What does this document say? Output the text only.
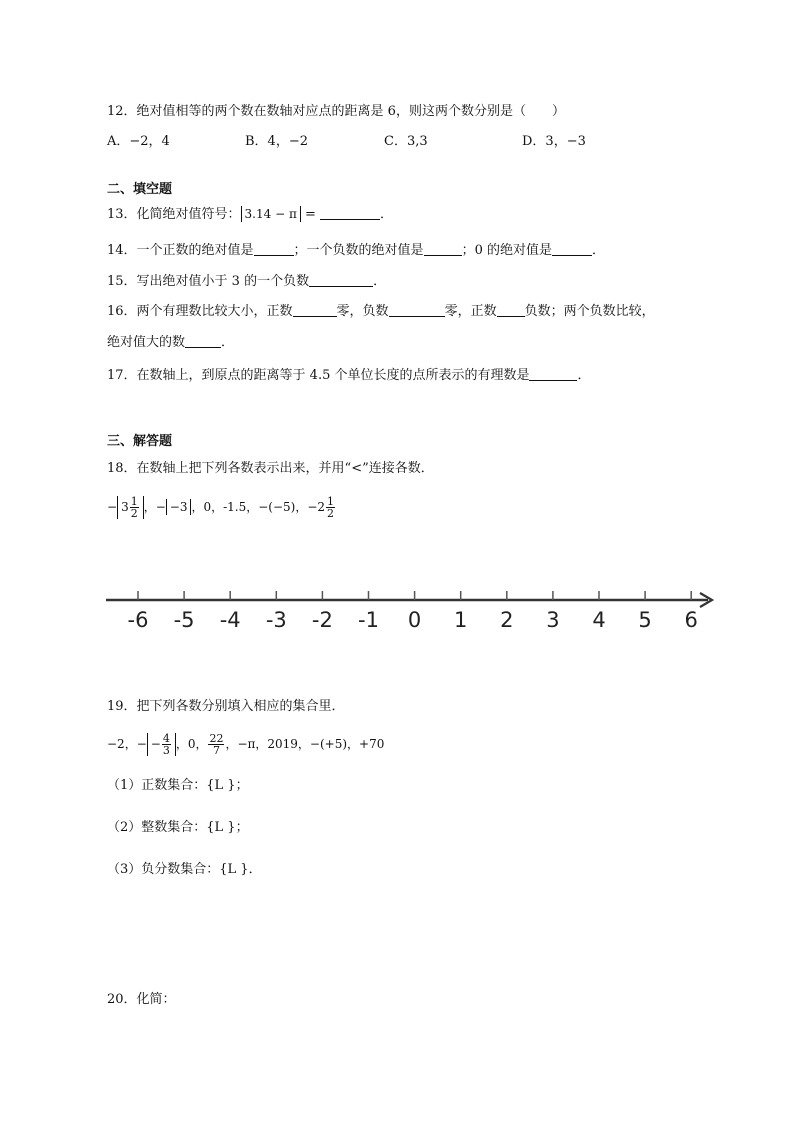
12．绝对值相等的两个数在数轴对应点的距离是 6，则这两个数分别是（　　）
A．−2，4	B．4，−2	C．3,3	D．3，−3
二、填空题
13．化简绝对值符号： 3.14 − π =	．
14．一个正数的绝对值是	；一个负数的绝对值是	；0 的绝对值是	．
15．写出绝对值小于 3 的一个负数	．
16．两个有理数比较大小，正数	零，负数	零，正数 负数；两个负数比较，
绝对值大的数	．
17．在数轴上，到原点的距离等于 4.5 个单位长度的点所表示的有理数是	．
三、解答题
18．在数轴上把下列各数表示出来，并用“<”连接各数．
− $3 \frac{1}{2}$ ，− −3 ，0，-1.5，−(−5)，$-2 \frac{1}{2}$
-6 -5 -4 -3 -2 -1 0 1 2 3 4 5 6
19．把下列各数分别填入相应的集合里．
−2，− − $\frac{4}{3}$ ，0， $\frac{22}{7}$ ，−π，2019，−(+5)，+70
（1）正数集合：{L }；
（2）整数集合：{L }；
（3）负分数集合：{L }．
20．化简：
